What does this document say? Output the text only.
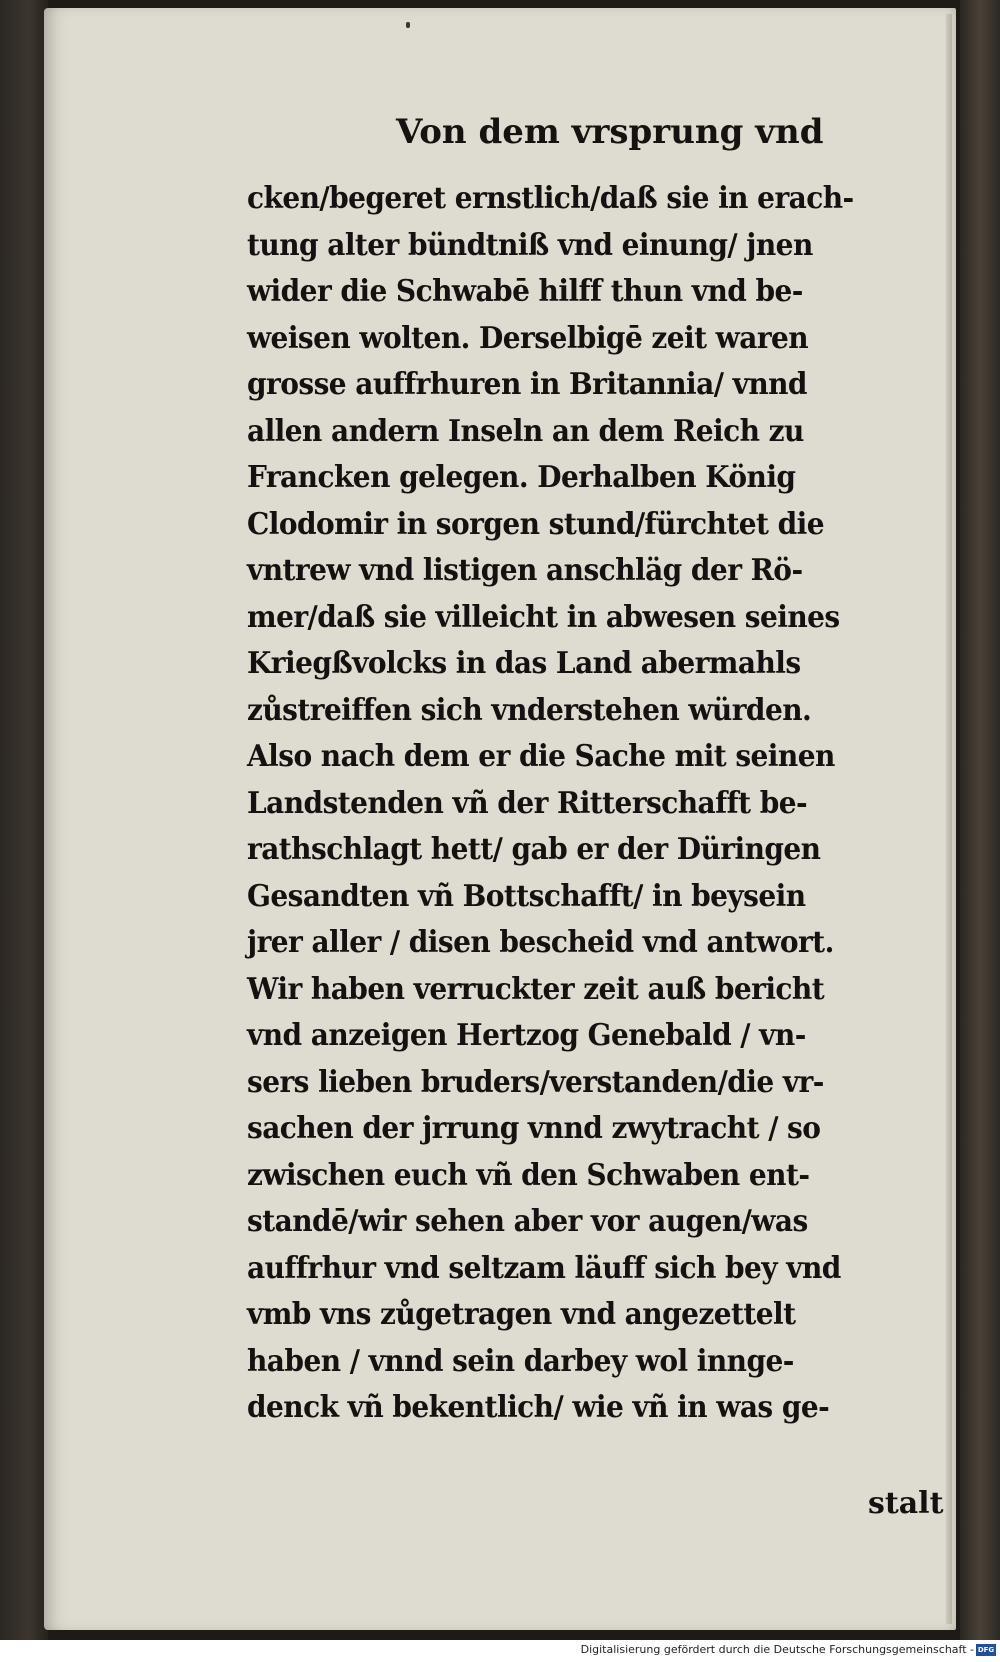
Von dem vrsprung vnd
cken/begeret ernstlich/daß sie in erach-
tung alter bündtniß vnd einung/ jnen
wider die Schwabē hilff thun vnd be-
weisen wolten. Derselbigē zeit waren
grosse auffrhuren in Britannia/ vnnd
allen andern Inseln an dem Reich zu
Francken gelegen. Derhalben König
Clodomir in sorgen stund/fürchtet die
vntrew vnd listigen anschläg der Rö-
mer/daß sie villeicht in abwesen seines
Kriegßvolcks in das Land abermahls
zůstreiffen sich vnderstehen würden.
Also nach dem er die Sache mit seinen
Landstenden vñ der Ritterschafft be-
rathschlagt hett/ gab er der Düringen
Gesandten vñ Bottschafft/ in beysein
jrer aller / disen bescheid vnd antwort.
Wir haben verruckter zeit auß bericht
vnd anzeigen Hertzog Genebald / vn-
sers lieben bruders/verstanden/die vr-
sachen der jrrung vnnd zwytracht / so
zwischen euch vñ den Schwaben ent-
standē/wir sehen aber vor augen/was
auffrhur vnd seltzam läuff sich bey vnd
vmb vns zůgetragen vnd angezettelt
haben / vnnd sein darbey wol innge-
denck vñ bekentlich/ wie vñ in was ge-
stalt
Digitalisierung gefördert durch die Deutsche Forschungsgemeinschaft - DFG
